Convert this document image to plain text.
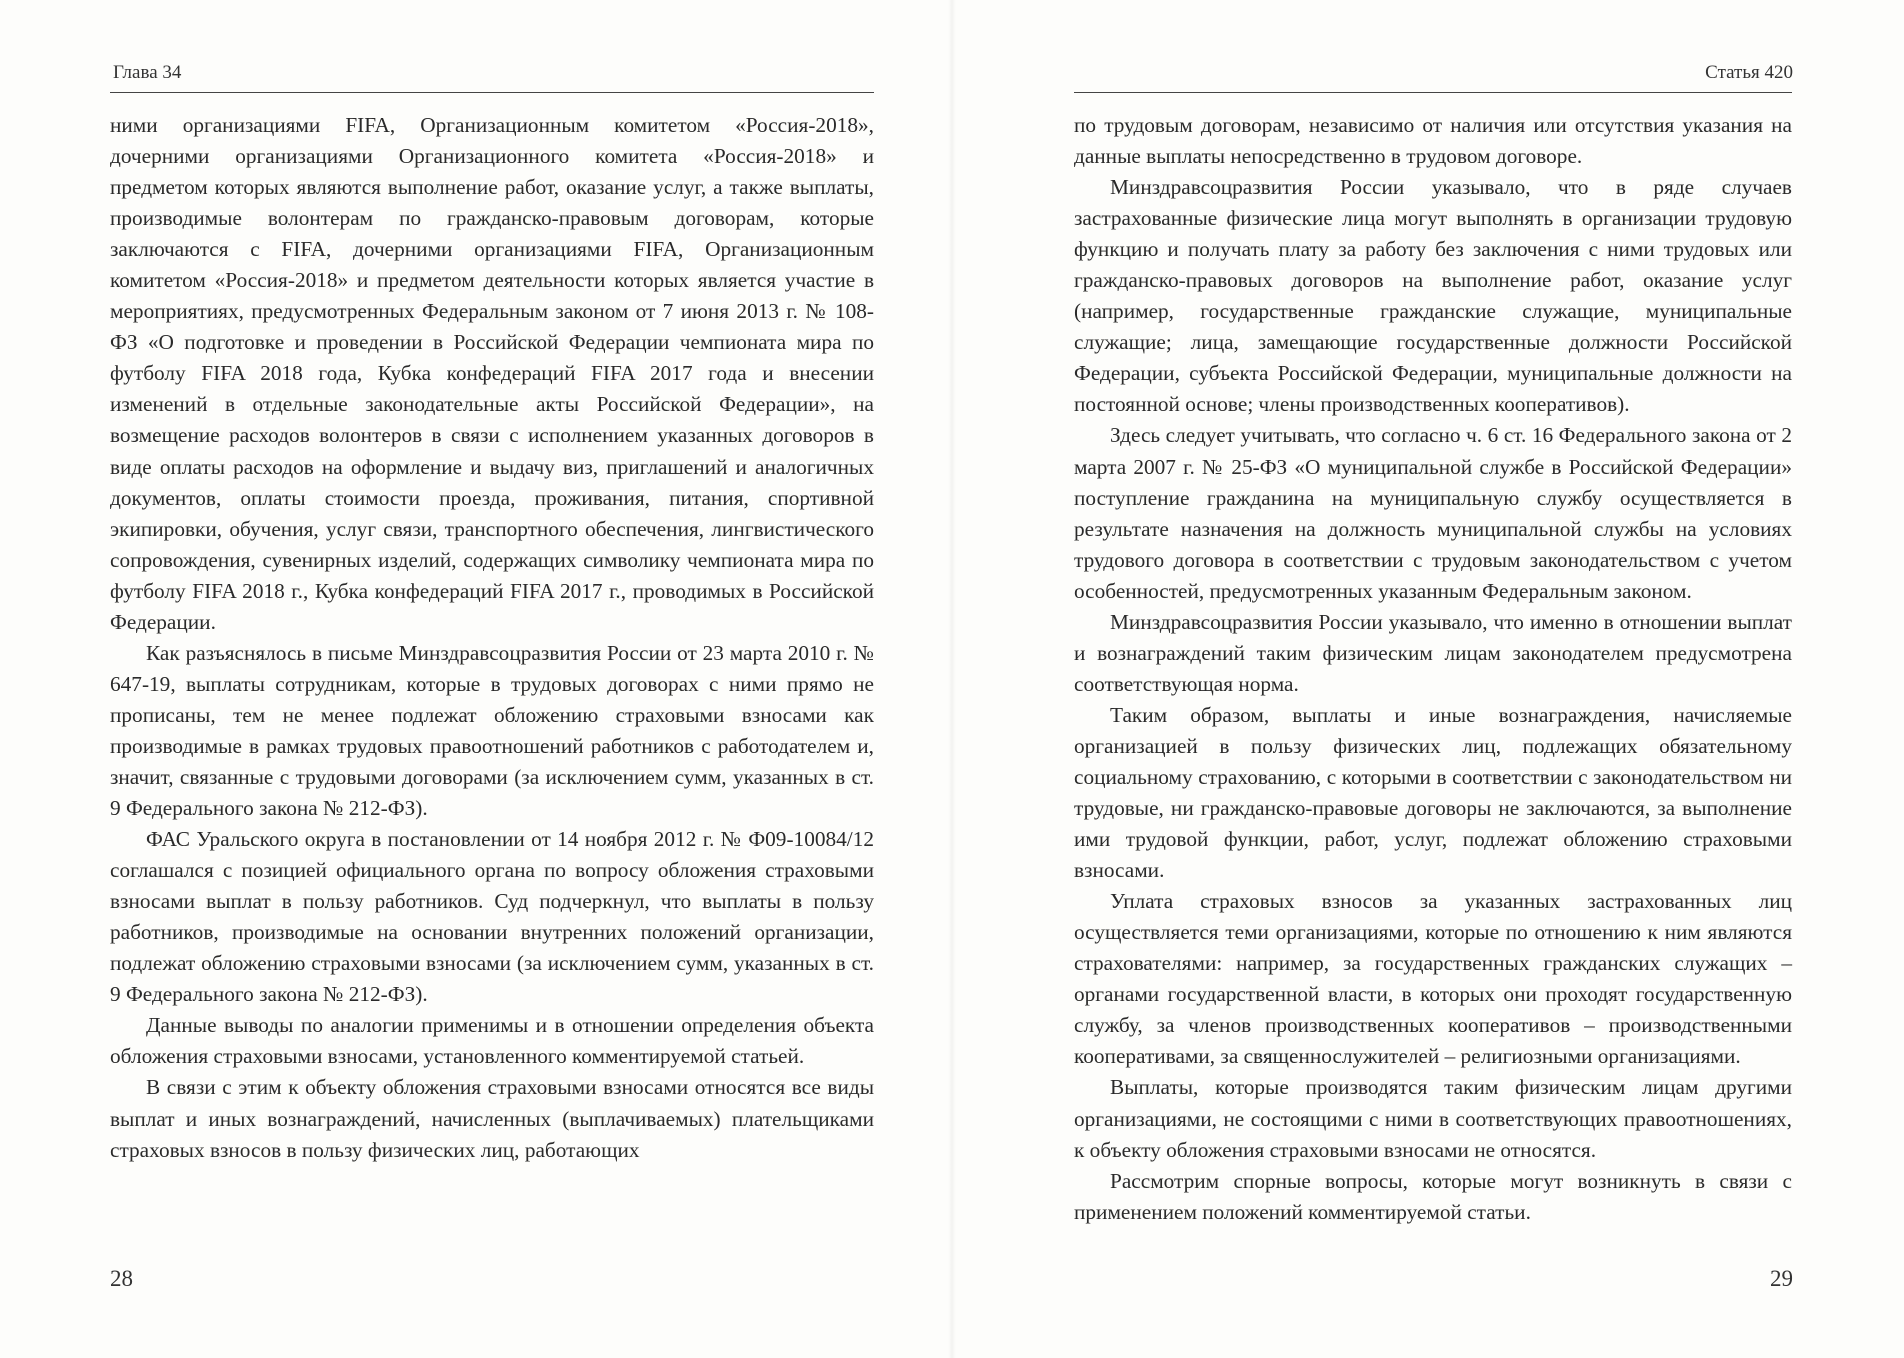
Глава 34

ними организациями FIFA, Организационным комитетом «Россия-2018», дочерними организациями Организационного комитета «Россия-2018» и предметом которых являются выполнение работ, оказание услуг, а также выплаты, производимые волонтерам по гражданско-правовым договорам, которые заключаются с FIFA, дочерними организациями FIFA, Организационным комитетом «Россия-2018» и предметом деятельности которых является участие в мероприятиях, предусмотренных Федеральным законом от 7 июня 2013 г. № 108-ФЗ «О подготовке и проведении в Российской Федерации чемпионата мира по футболу FIFA 2018 года, Кубка конфедераций FIFA 2017 года и внесении изменений в отдельные законодательные акты Российской Федерации», на возмещение расходов волонтеров в связи с исполнением указанных договоров в виде оплаты расходов на оформление и выдачу виз, приглашений и аналогичных документов, оплаты стоимости проезда, проживания, питания, спортивной экипировки, обучения, услуг связи, транспортного обеспечения, лингвистического сопровождения, сувенирных изделий, содержащих символику чемпионата мира по футболу FIFA 2018 г., Кубка конфедераций FIFA 2017 г., проводимых в Российской Федерации.

Как разъяснялось в письме Минздравсоцразвития России от 23 марта 2010 г. № 647-19, выплаты сотрудникам, которые в трудовых договорах с ними прямо не прописаны, тем не менее подлежат обложению страховыми взносами как производимые в рамках трудовых правоотношений работников с работодателем и, значит, связанные с трудовыми договорами (за исключением сумм, указанных в ст. 9 Федерального закона № 212-ФЗ).

ФАС Уральского округа в постановлении от 14 ноября 2012 г. № Ф09-10084/12 соглашался с позицией официального органа по вопросу обложения страховыми взносами выплат в пользу работников. Суд подчеркнул, что выплаты в пользу работников, производимые на основании внутренних положений организации, подлежат обложению страховыми взносами (за исключением сумм, указанных в ст. 9 Федерального закона № 212-ФЗ).

Данные выводы по аналогии применимы и в отношении определения объекта обложения страховыми взносами, установленного комментируемой статьей.

В связи с этим к объекту обложения страховыми взносами относятся все виды выплат и иных вознаграждений, начисленных (выплачиваемых) плательщиками страховых взносов в пользу физических лиц, работающих

28
Статья 420

по трудовым договорам, независимо от наличия или отсутствия указания на данные выплаты непосредственно в трудовом договоре.

Минздравсоцразвития России указывало, что в ряде случаев застрахованные физические лица могут выполнять в организации трудовую функцию и получать плату за работу без заключения с ними трудовых или гражданско-правовых договоров на выполнение работ, оказание услуг (например, государственные гражданские служащие, муниципальные служащие; лица, замещающие государственные должности Российской Федерации, субъекта Российской Федерации, муниципальные должности на постоянной основе; члены производственных кооперативов).

Здесь следует учитывать, что согласно ч. 6 ст. 16 Федерального закона от 2 марта 2007 г. № 25-ФЗ «О муниципальной службе в Российской Федерации» поступление гражданина на муниципальную службу осуществляется в результате назначения на должность муниципальной службы на условиях трудового договора в соответствии с трудовым законодательством с учетом особенностей, предусмотренных указанным Федеральным законом.

Минздравсоцразвития России указывало, что именно в отношении выплат и вознаграждений таким физическим лицам законодателем предусмотрена соответствующая норма.

Таким образом, выплаты и иные вознаграждения, начисляемые организацией в пользу физических лиц, подлежащих обязательному социальному страхованию, с которыми в соответствии с законодательством ни трудовые, ни гражданско-правовые договоры не заключаются, за выполнение ими трудовой функции, работ, услуг, подлежат обложению страховыми взносами.

Уплата страховых взносов за указанных застрахованных лиц осуществляется теми организациями, которые по отношению к ним являются страхователями: например, за государственных гражданских служащих – органами государственной власти, в которых они проходят государственную службу, за членов производственных кооперативов – производственными кооперативами, за священнослужителей – религиозными организациями.

Выплаты, которые производятся таким физическим лицам другими организациями, не состоящими с ними в соответствующих правоотношениях, к объекту обложения страховыми взносами не относятся.

Рассмотрим спорные вопросы, которые могут возникнуть в связи с применением положений комментируемой статьи.

29
